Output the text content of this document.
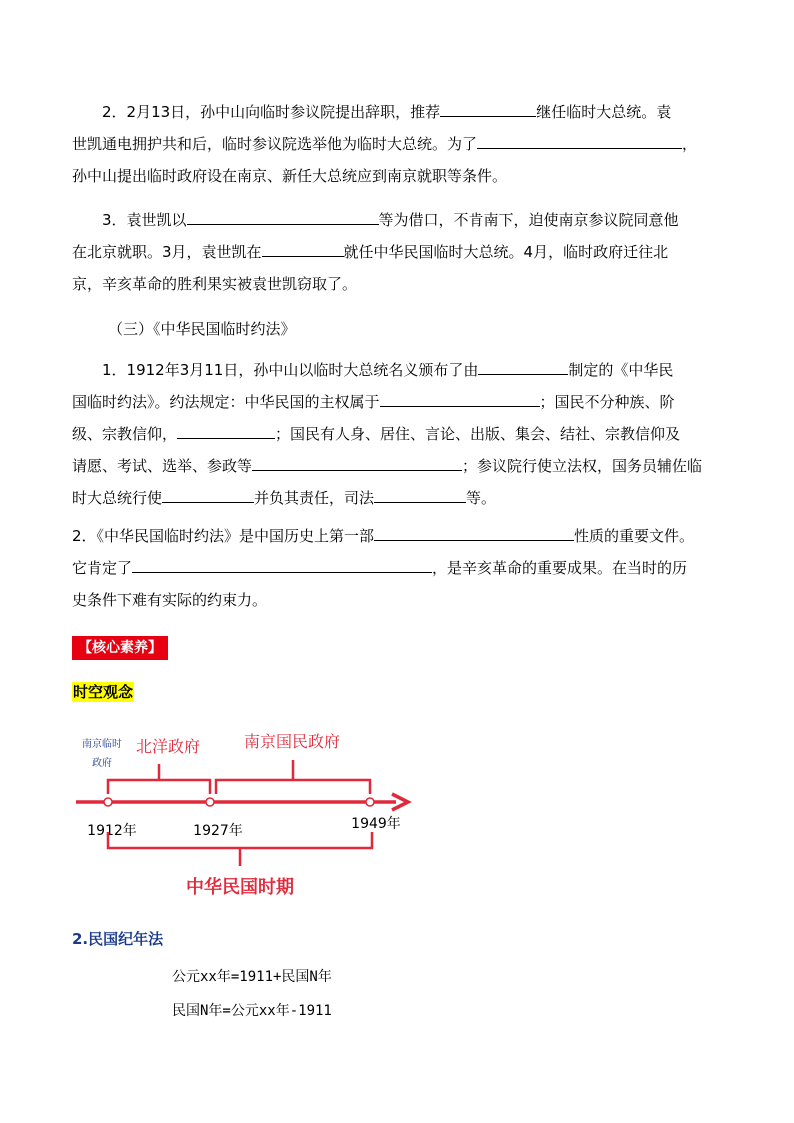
2．2月13日，孙中山向临时参议院提出辞职，推荐	继任临时大总统。袁

世凯通电拥护共和后，临时参议院选举他为临时大总统。为了	，

孙中山提出临时政府设在南京、新任大总统应到南京就职等条件。

3．袁世凯以	等为借口，不肯南下，迫使南京参议院同意他

在北京就职。3月，袁世凯在	就任中华民国临时大总统。4月，临时政府迁往北

京，辛亥革命的胜利果实被袁世凯窃取了。

（三）《中华民国临时约法》

1．1912年3月11日，孙中山以临时大总统名义颁布了由	制定的《中华民

国临时约法》。约法规定：中华民国的主权属于	；国民不分种族、阶

级、宗教信仰，	；国民有人身、居住、言论、出版、集会、结社、宗教信仰及

请愿、考试、选举、参政等	；参议院行使立法权，国务员辅佐临

时大总统行使	并负其责任，司法	等。

2．《中华民国临时约法》是中国历史上第一部	性质的重要文件。

它肯定了	，是辛亥革命的重要成果。在当时的历

史条件下难有实际的约束力。

【核心素养】
时空观念
南京临时
政府
北洋政府	南京国民政府
1912年	1927年	1949年
中华民国时期
2.民国纪年法
公元xx年=1911+民国N年
民国N年=公元xx年-1911
